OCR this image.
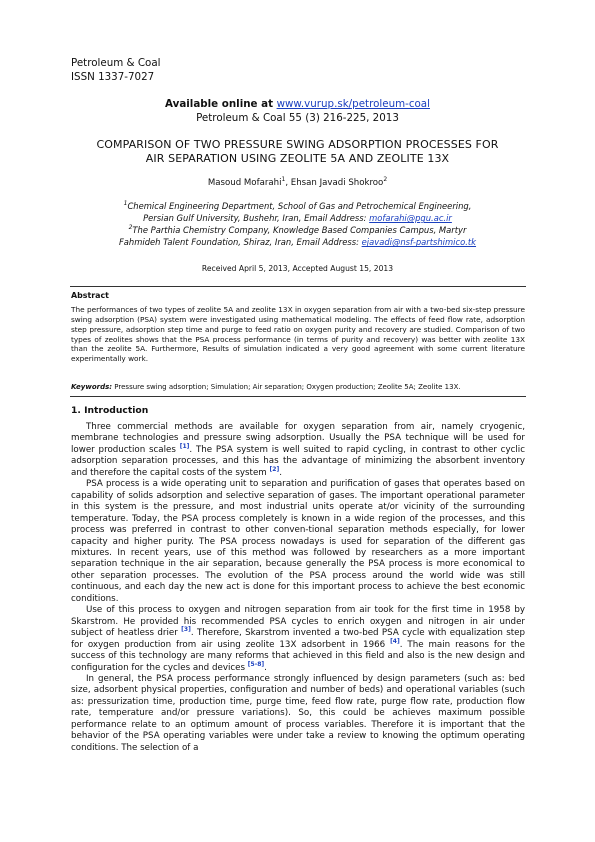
Petroleum & Coal
ISSN 1337-7027
Available online at www.vurup.sk/petroleum-coal
Petroleum & Coal 55 (3) 216-225, 2013
COMPARISON OF TWO PRESSURE SWING ADSORPTION PROCESSES FOR
AIR SEPARATION USING ZEOLITE 5A AND ZEOLITE 13X
Masoud Mofarahi$^1$, Ehsan Javadi Shokroo$^2$
$^1$Chemical Engineering Department, School of Gas and Petrochemical Engineering,
Persian Gulf University, Bushehr, Iran, Email Address: mofarahi@pgu.ac.ir
$^2$The Parthia Chemistry Company, Knowledge Based Companies Campus, Martyr
Fahmideh Talent Foundation, Shiraz, Iran, Email Address: ejavadi@nsf-partshimico.tk
Received April 5, 2013, Accepted August 15, 2013
Abstract
The performances of two types of zeolite 5A and zeolite 13X in oxygen separation from air with a two-bed six-step pressure swing adsorption (PSA) system were investigated using mathematical modeling. The effects of feed flow rate, adsorption step pressure, adsorption step time and purge to feed ratio on oxygen purity and recovery are studied. Comparison of two types of zeolites shows that the PSA process performance (in terms of purity and recovery) was better with zeolite 13X than the zeolite 5A. Furthermore, Results of simulation indicated a very good agreement with some current literature experimentally work.
Keywords: Pressure swing adsorption; Simulation; Air separation; Oxygen production; Zeolite 5A; Zeolite 13X.
1. Introduction

Three commercial methods are available for oxygen separation from air, namely cryogenic, membrane technologies and pressure swing adsorption. Usually the PSA technique will be used for lower production scales [1]. The PSA system is well suited to rapid cycling, in contrast to other cyclic adsorption separation processes, and this has the advantage of minimizing the absorbent inventory and therefore the capital costs of the system [2].

PSA process is a wide operating unit to separation and purification of gases that operates based on capability of solids adsorption and selective separation of gases. The important operational parameter in this system is the pressure, and most industrial units operate at/or vicinity of the surrounding temperature. Today, the PSA process completely is known in a wide region of the processes, and this process was preferred in contrast to other conven-tional separation methods especially, for lower capacity and higher purity. The PSA process nowadays is used for separation of the different gas mixtures. In recent years, use of this method was followed by researchers as a more important separation technique in the air separation, because generally the PSA process is more economical to other separation processes. The evolution of the PSA process around the world wide was still continuous, and each day the new act is done for this important process to achieve the best economic conditions.

Use of this process to oxygen and nitrogen separation from air took for the first time in 1958 by Skarstrom. He provided his recommended PSA cycles to enrich oxygen and nitrogen in air under subject of heatless drier [3]. Therefore, Skarstrom invented a two-bed PSA cycle with equalization step for oxygen production from air using zeolite 13X adsorbent in 1966 [4]. The main reasons for the success of this technology are many reforms that achieved in this field and also is the new design and configuration for the cycles and devices [5-8].

In general, the PSA process performance strongly influenced by design parameters (such as: bed size, adsorbent physical properties, configuration and number of beds) and operational variables (such as: pressurization time, production time, purge time, feed flow rate, purge flow rate, production flow rate, temperature and/or pressure variations). So, this could be achieves maximum possible performance relate to an optimum amount of process variables. Therefore it is important that the behavior of the PSA operating variables were under take a review to knowing the optimum operating conditions. The selection of a
